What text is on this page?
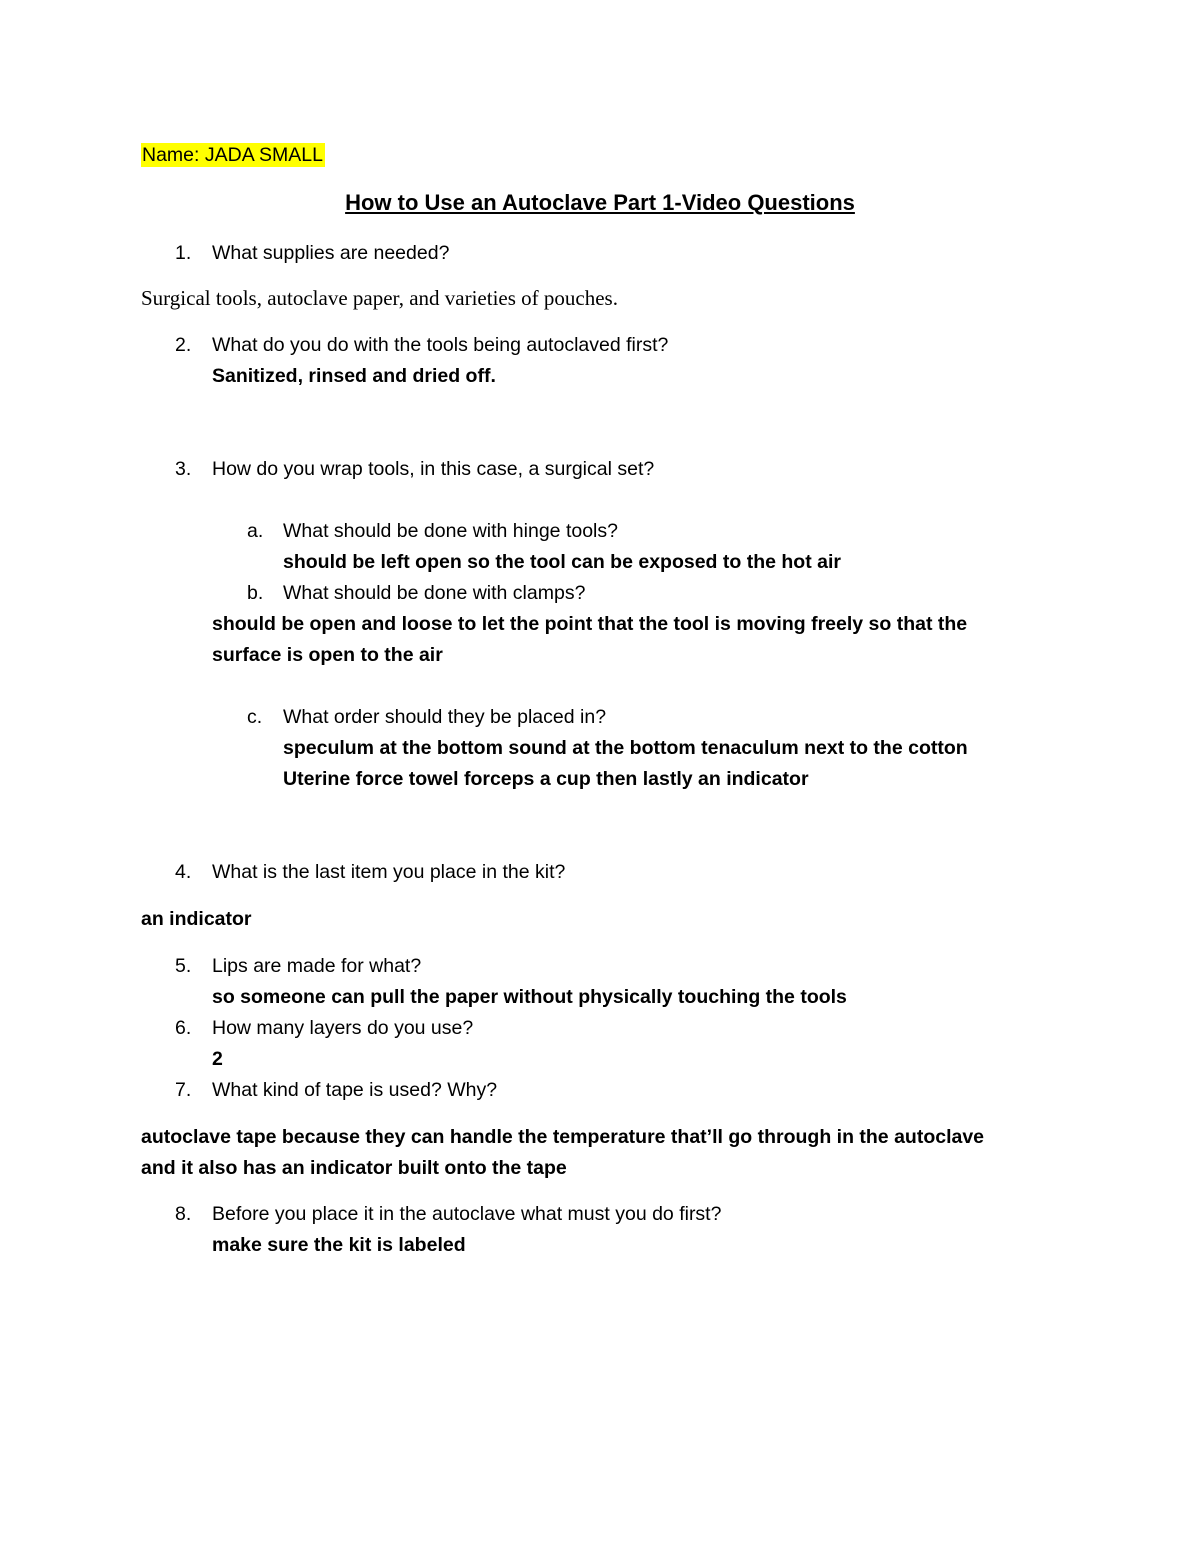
Name: JADA SMALL
How to Use an Autoclave Part 1-Video Questions
1. What supplies are needed?
Surgical tools, autoclave paper, and varieties of pouches.
2. What do you do with the tools being autoclaved first?
Sanitized, rinsed and dried off.
3. How do you wrap tools, in this case, a surgical set?
a. What should be done with hinge tools?
should be left open so the tool can be exposed to the hot air
b. What should be done with clamps?
should be open and loose to let the point that the tool is moving freely so that the
surface is open to the air
c. What order should they be placed in?
speculum at the bottom sound at the bottom tenaculum next to the cotton
Uterine force towel forceps a cup then lastly an indicator
4. What is the last item you place in the kit?
an indicator
5. Lips are made for what?
so someone can pull the paper without physically touching the tools
6. How many layers do you use?
2
7. What kind of tape is used? Why?
autoclave tape because they can handle the temperature that’ll go through in the autoclave
and it also has an indicator built onto the tape
8. Before you place it in the autoclave what must you do first?
make sure the kit is labeled
